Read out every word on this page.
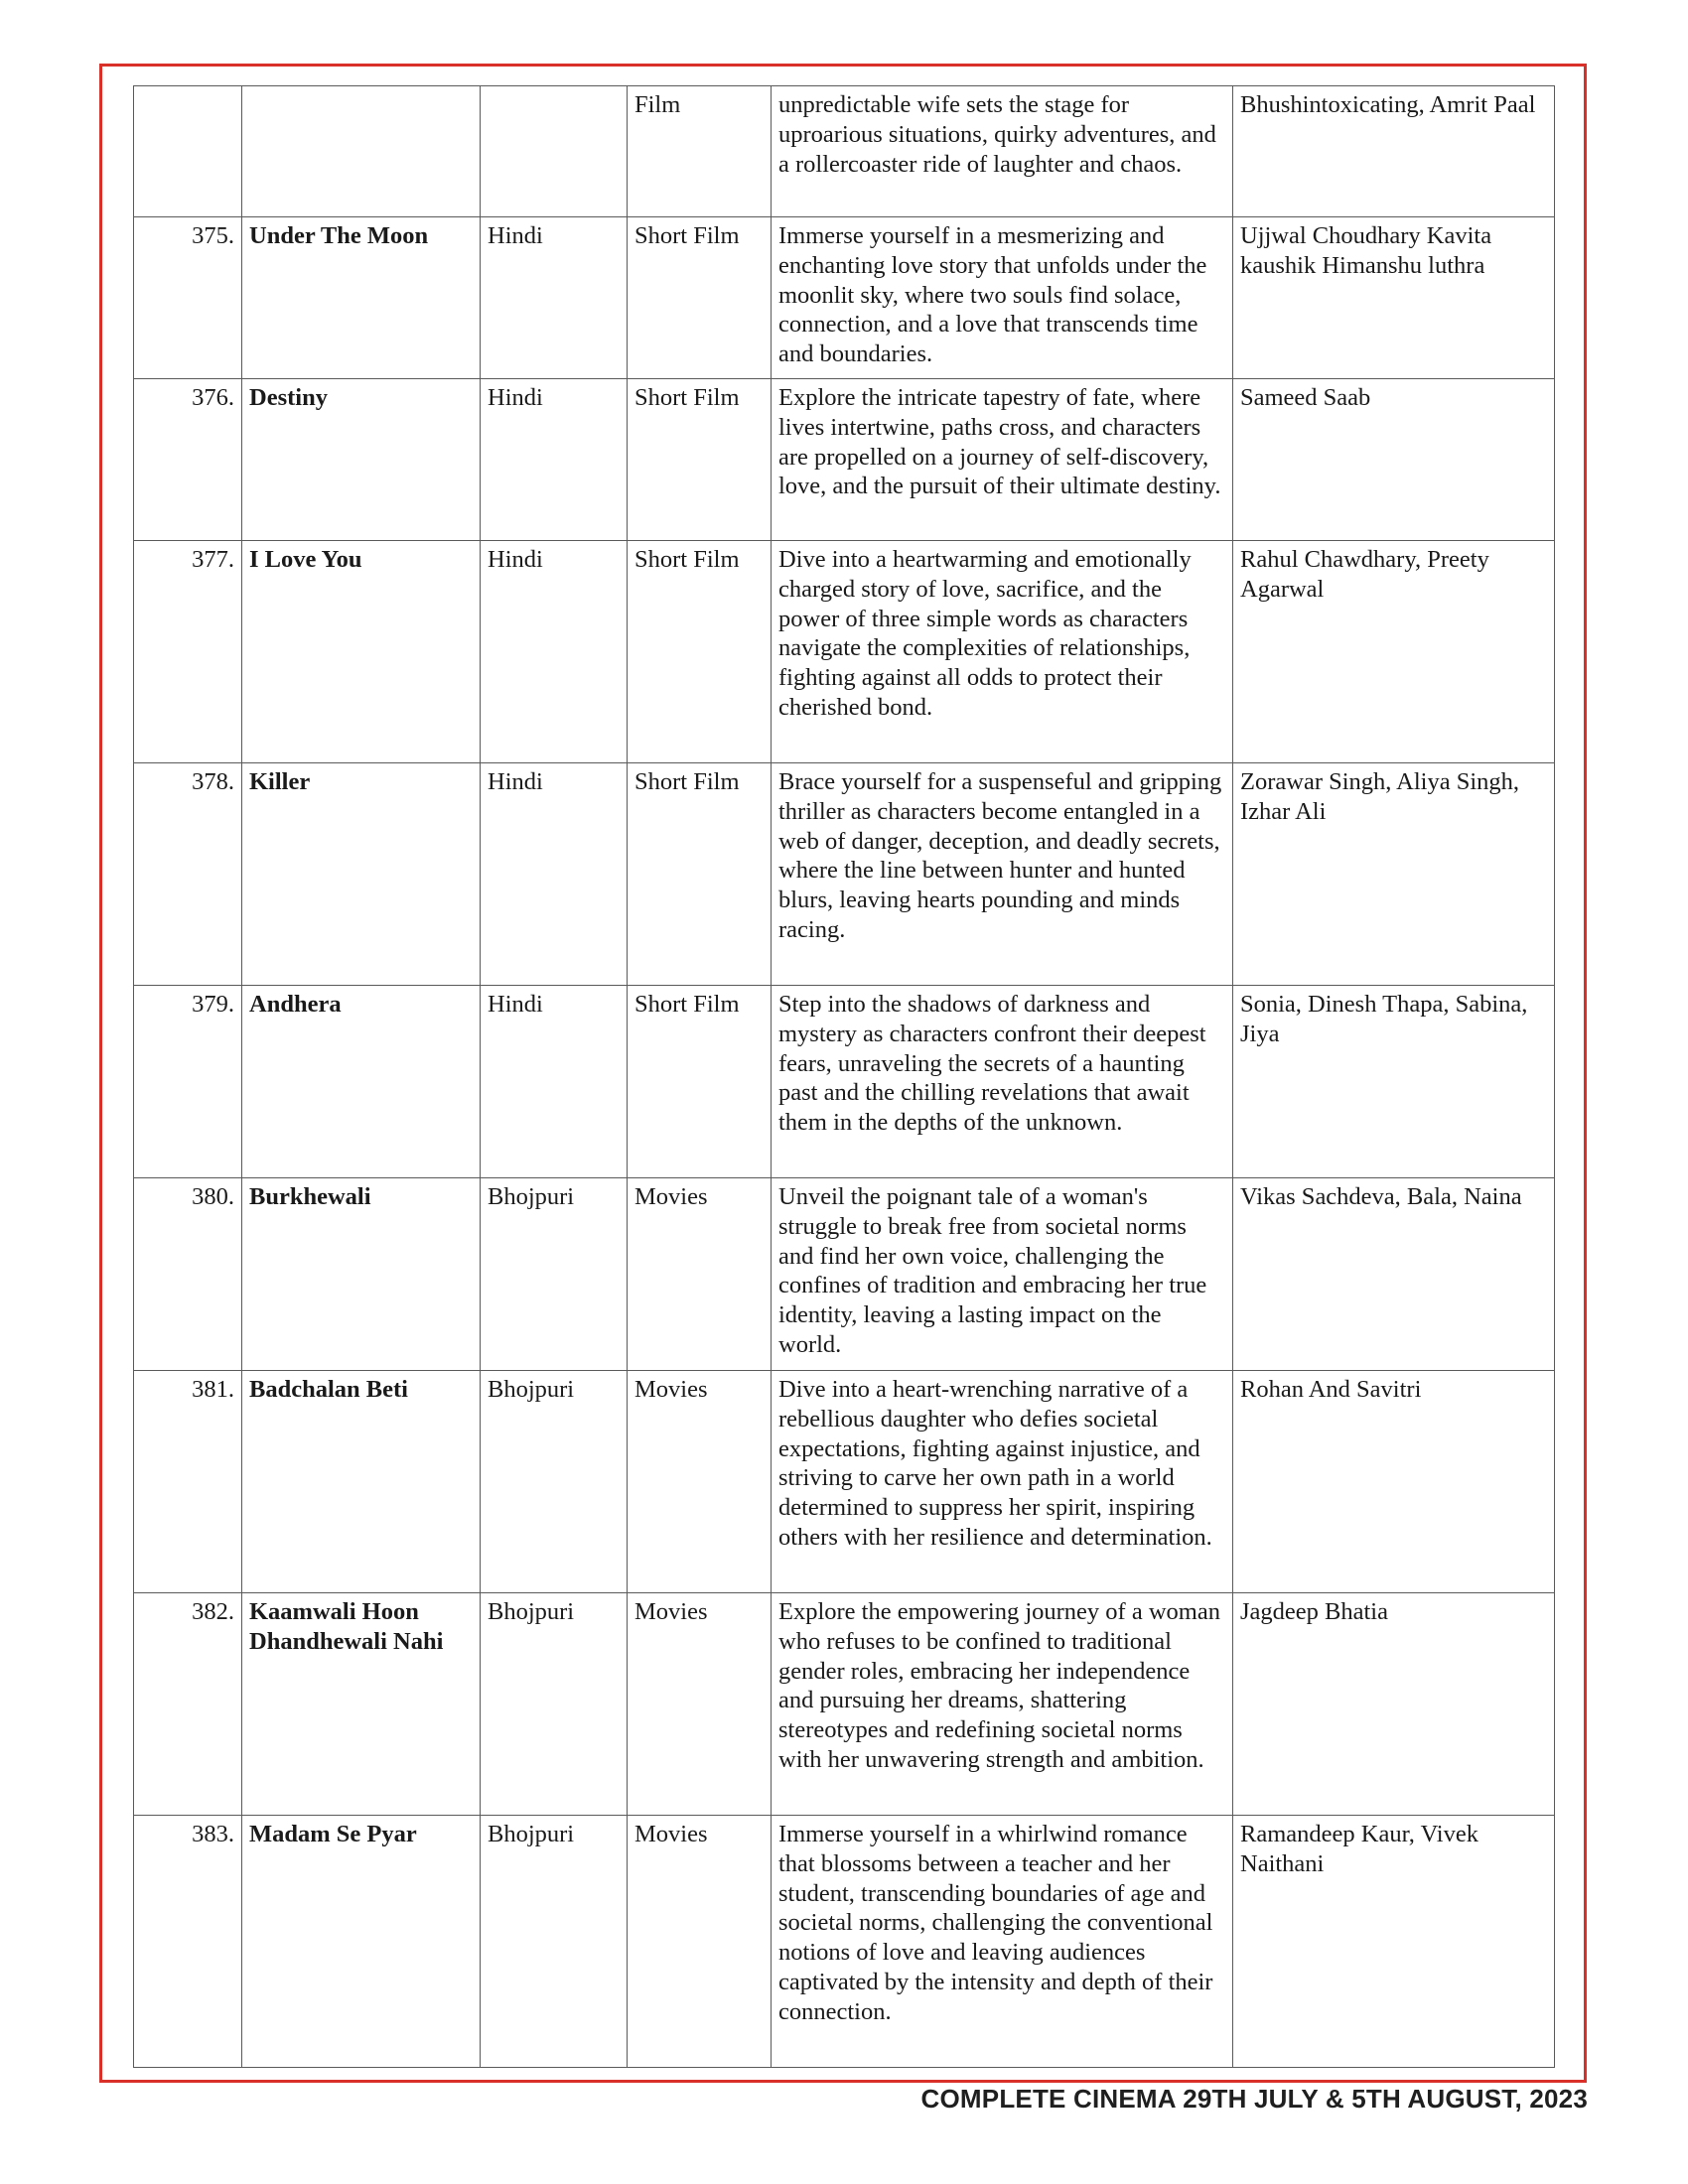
			Film	unpredictable wife sets the stage for uproarious situations, quirky adventures, and a rollercoaster ride of laughter and chaos.	Bhushintoxicating, Amrit Paal
375.	Under The Moon	Hindi	Short Film	Immerse yourself in a mesmerizing and enchanting love story that unfolds under the moonlit sky, where two souls find solace, connection, and a love that transcends time and boundaries.	Ujjwal Choudhary Kavita kaushik Himanshu luthra
376.	Destiny	Hindi	Short Film	Explore the intricate tapestry of fate, where lives intertwine, paths cross, and characters are propelled on a journey of self-discovery, love, and the pursuit of their ultimate destiny.	Sameed Saab
377.	I Love You	Hindi	Short Film	Dive into a heartwarming and emotionally charged story of love, sacrifice, and the power of three simple words as characters navigate the complexities of relationships, fighting against all odds to protect their cherished bond.	Rahul Chawdhary, Preety Agarwal
378.	Killer	Hindi	Short Film	Brace yourself for a suspenseful and gripping thriller as characters become entangled in a web of danger, deception, and deadly secrets, where the line between hunter and hunted blurs, leaving hearts pounding and minds racing.	Zorawar Singh, Aliya Singh, Izhar Ali
379.	Andhera	Hindi	Short Film	Step into the shadows of darkness and mystery as characters confront their deepest fears, unraveling the secrets of a haunting past and the chilling revelations that await them in the depths of the unknown.	Sonia, Dinesh Thapa, Sabina, Jiya
380.	Burkhewali	Bhojpuri	Movies	Unveil the poignant tale of a woman's struggle to break free from societal norms and find her own voice, challenging the confines of tradition and embracing her true identity, leaving a lasting impact on the world.	Vikas Sachdeva, Bala, Naina
381.	Badchalan Beti	Bhojpuri	Movies	Dive into a heart-wrenching narrative of a rebellious daughter who defies societal expectations, fighting against injustice, and striving to carve her own path in a world determined to suppress her spirit, inspiring others with her resilience and determination.	Rohan And Savitri
382.	Kaamwali Hoon Dhandhewali Nahi	Bhojpuri	Movies	Explore the empowering journey of a woman who refuses to be confined to traditional gender roles, embracing her independence and pursuing her dreams, shattering stereotypes and redefining societal norms with her unwavering strength and ambition.	Jagdeep Bhatia
383.	Madam Se Pyar	Bhojpuri	Movies	Immerse yourself in a whirlwind romance that blossoms between a teacher and her student, transcending boundaries of age and societal norms, challenging the conventional notions of love and leaving audiences captivated by the intensity and depth of their connection.	Ramandeep Kaur, Vivek Naithani
COMPLETE CINEMA 29TH JULY & 5TH AUGUST, 2023
